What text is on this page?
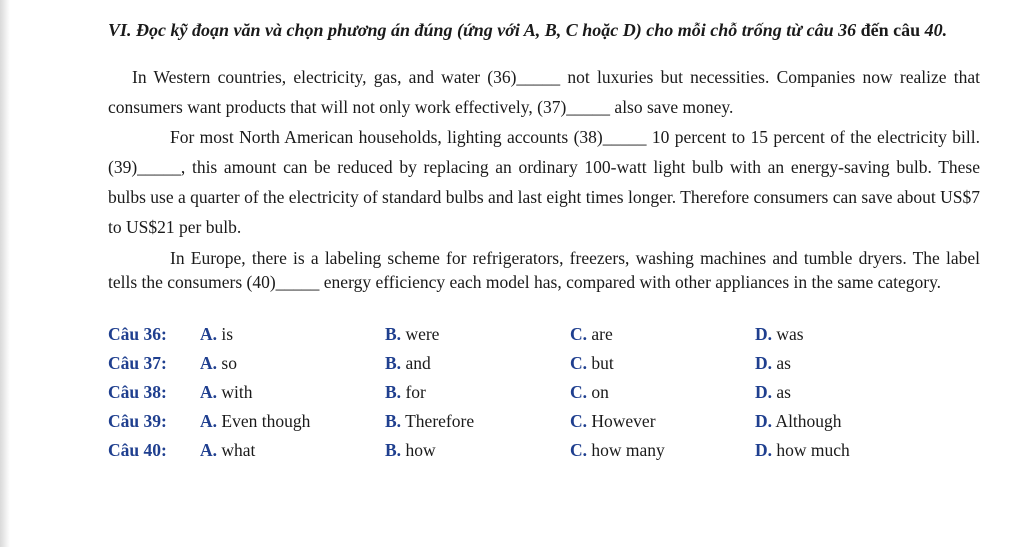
VI. Đọc kỹ đoạn văn và chọn phương án đúng (ứng với A, B, C hoặc D) cho mỗi chỗ trống từ câu 36 đến câu 40.

In Western countries, electricity, gas, and water (36)_____ not luxuries but necessities. Companies now realize that consumers want products that will not only work effectively, (37)_____ also save money.

For most North American households, lighting accounts (38)_____ 10 percent to 15 percent of the electricity bill. (39)_____, this amount can be reduced by replacing an ordinary 100-watt light bulb with an energy-saving bulb. These bulbs use a quarter of the electricity of standard bulbs and last eight times longer. Therefore consumers can save about US$7 to US$21 per bulb.

In Europe, there is a labeling scheme for refrigerators, freezers, washing machines and tumble dryers. The label tells the consumers (40)_____ energy efficiency each model has, compared with other appliances in the same category.

Câu 36:	A. is	B. were	C. are	D. was
Câu 37:	A. so	B. and	C. but	D. as
Câu 38:	A. with	B. for	C. on	D. as
Câu 39:	A. Even though	B. Therefore	C. However	D. Although
Câu 40:	A. what	B. how	C. how many	D. how much
